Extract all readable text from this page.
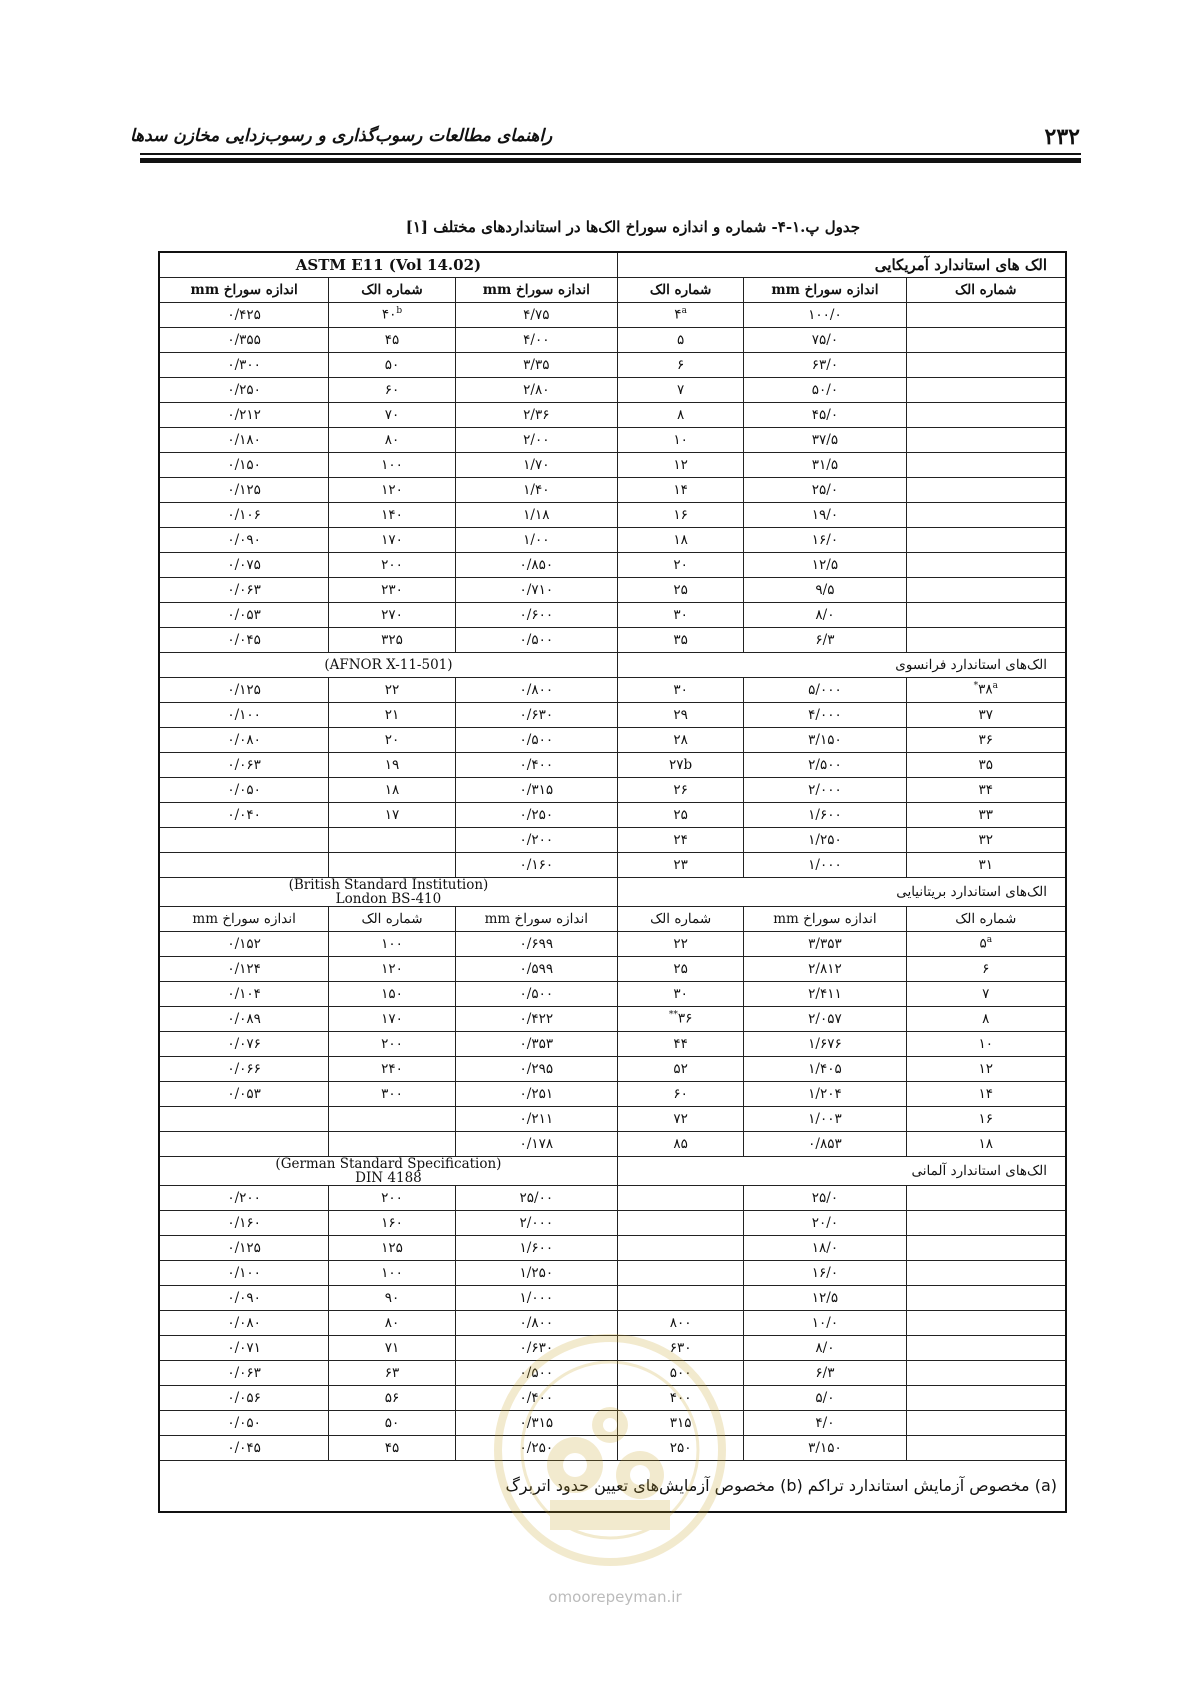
۲۳۲
راهنمای مطالعات رسوب‌گذاری و رسوب‌زدایی مخازن سدها
جدول پ.۱-۴- شماره و اندازه سوراخ الک‌ها در استانداردهای مختلف [۱]
الک های استاندارد آمریکایی			ASTM E11 (Vol 14.02)		
شماره الک	اندازه سوراخ mm	شماره الک	اندازه سوراخ mm	شماره الک	اندازه سوراخ mm
	۱۰۰/۰	۴$^a$	۴/۷۵	۴۰$^b$	۰/۴۲۵
	۷۵/۰	۵	۴/۰۰	۴۵	۰/۳۵۵
	۶۳/۰	۶	۳/۳۵	۵۰	۰/۳۰۰
	۵۰/۰	۷	۲/۸۰	۶۰	۰/۲۵۰
	۴۵/۰	۸	۲/۳۶	۷۰	۰/۲۱۲
	۳۷/۵	۱۰	۲/۰۰	۸۰	۰/۱۸۰
	۳۱/۵	۱۲	۱/۷۰	۱۰۰	۰/۱۵۰
	۲۵/۰	۱۴	۱/۴۰	۱۲۰	۰/۱۲۵
	۱۹/۰	۱۶	۱/۱۸	۱۴۰	۰/۱۰۶
	۱۶/۰	۱۸	۱/۰۰	۱۷۰	۰/۰۹۰
	۱۲/۵	۲۰	۰/۸۵۰	۲۰۰	۰/۰۷۵
	۹/۵	۲۵	۰/۷۱۰	۲۳۰	۰/۰۶۳
	۸/۰	۳۰	۰/۶۰۰	۲۷۰	۰/۰۵۳
	۶/۳	۳۵	۰/۵۰۰	۳۲۵	۰/۰۴۵
الک‌های استاندارد فرانسوی			(AFNOR X-11-501)		
$۳۸^{a*}$	۵/۰۰۰	۳۰	۰/۸۰۰	۲۲	۰/۱۲۵
۳۷	۴/۰۰۰	۲۹	۰/۶۳۰	۲۱	۰/۱۰۰
۳۶	۳/۱۵۰	۲۸	۰/۵۰۰	۲۰	۰/۰۸۰
۳۵	۲/۵۰۰	۲۷b	۰/۴۰۰	۱۹	۰/۰۶۳
۳۴	۲/۰۰۰	۲۶	۰/۳۱۵	۱۸	۰/۰۵۰
۳۳	۱/۶۰۰	۲۵	۰/۲۵۰	۱۷	۰/۰۴۰
۳۲	۱/۲۵۰	۲۴	۰/۲۰۰		
۳۱	۱/۰۰۰	۲۳	۰/۱۶۰		
الک‌های استاندارد بریتانیایی			(British Standard Institution)
London BS-410		

شماره الک	اندازه سوراخ mm	شماره الک	اندازه سوراخ mm	شماره الک	اندازه سوراخ mm
۵$^a$	۳/۳۵۳	۲۲	۰/۶۹۹	۱۰۰	۰/۱۵۲
۶	۲/۸۱۲	۲۵	۰/۵۹۹	۱۲۰	۰/۱۲۴
۷	۲/۴۱۱	۳۰	۰/۵۰۰	۱۵۰	۰/۱۰۴
۸	۲/۰۵۷	۳۶**	۰/۴۲۲	۱۷۰	۰/۰۸۹
۱۰	۱/۶۷۶	۴۴	۰/۳۵۳	۲۰۰	۰/۰۷۶
۱۲	۱/۴۰۵	۵۲	۰/۲۹۵	۲۴۰	۰/۰۶۶
۱۴	۱/۲۰۴	۶۰	۰/۲۵۱	۳۰۰	۰/۰۵۳
۱۶	۱/۰۰۳	۷۲	۰/۲۱۱		
۱۸	۰/۸۵۳	۸۵	۰/۱۷۸		
الک‌های استاندارد آلمانی			(German Standard Specification)
DIN 4188		

	۲۵/۰		۲۵/۰۰	۲۰۰	۰/۲۰۰
	۲۰/۰		۲/۰۰۰	۱۶۰	۰/۱۶۰
	۱۸/۰		۱/۶۰۰	۱۲۵	۰/۱۲۵
	۱۶/۰		۱/۲۵۰	۱۰۰	۰/۱۰۰
	۱۲/۵		۱/۰۰۰	۹۰	۰/۰۹۰
	۱۰/۰	۸۰۰	۰/۸۰۰	۸۰	۰/۰۸۰
	۸/۰	۶۳۰	۰/۶۳۰	۷۱	۰/۰۷۱
	۶/۳	۵۰۰	۰/۵۰۰	۶۳	۰/۰۶۳
	۵/۰	۴۰۰	۰/۴۰۰	۵۶	۰/۰۵۶
	۴/۰	۳۱۵	۰/۳۱۵	۵۰	۰/۰۵۰
	۳/۱۵۰	۲۵۰	۰/۲۵۰	۴۵	۰/۰۴۵
(a) مخصوص آزمایش استاندارد تراکم (b) مخصوص آزمایش‌های تعیین حدود اتربرگ					
omoorepeyman.ir
